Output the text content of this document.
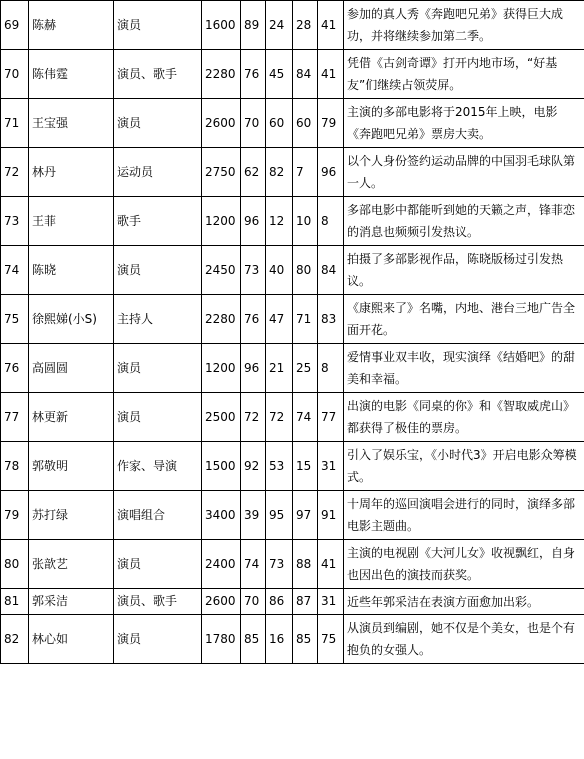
69	陈赫	演员	1600	89	24	28	41	参加的真人秀《奔跑吧兄弟》获得巨大成功，并将继续参加第二季。
70	陈伟霆	演员、歌手	2280	76	45	84	41	凭借《古剑奇谭》打开内地市场，“好基友”们继续占领荧屏。
71	王宝强	演员	2600	70	60	60	79	主演的多部电影将于2015年上映，电影《奔跑吧兄弟》票房大卖。
72	林丹	运动员	2750	62	82	7	96	以个人身份签约运动品牌的中国羽毛球队第一人。
73	王菲	歌手	1200	96	12	10	8	多部电影中都能听到她的天籁之声，锋菲恋的消息也频频引发热议。
74	陈晓	演员	2450	73	40	80	84	拍摄了多部影视作品，陈晓版杨过引发热议。
75	徐熙娣(小S)	主持人	2280	76	47	71	83	《康熙来了》名嘴，内地、港台三地广告全面开花。
76	高圆圆	演员	1200	96	21	25	8	爱情事业双丰收，现实演绎《结婚吧》的甜美和幸福。
77	林更新	演员	2500	72	72	74	77	出演的电影《同桌的你》和《智取威虎山》都获得了极佳的票房。
78	郭敬明	作家、导演	1500	92	53	15	31	引入了娱乐宝，《小时代3》开启电影众筹模式。
79	苏打绿	演唱组合	3400	39	95	97	91	十周年的巡回演唱会进行的同时，演绎多部电影主题曲。
80	张歆艺	演员	2400	74	73	88	41	主演的电视剧《大河儿女》收视飘红，自身也因出色的演技而获奖。
81	郭采洁	演员、歌手	2600	70	86	87	31	近些年郭采洁在表演方面愈加出彩。
82	林心如	演员	1780	85	16	85	75	从演员到编剧，她不仅是个美女，也是个有抱负的女强人。
